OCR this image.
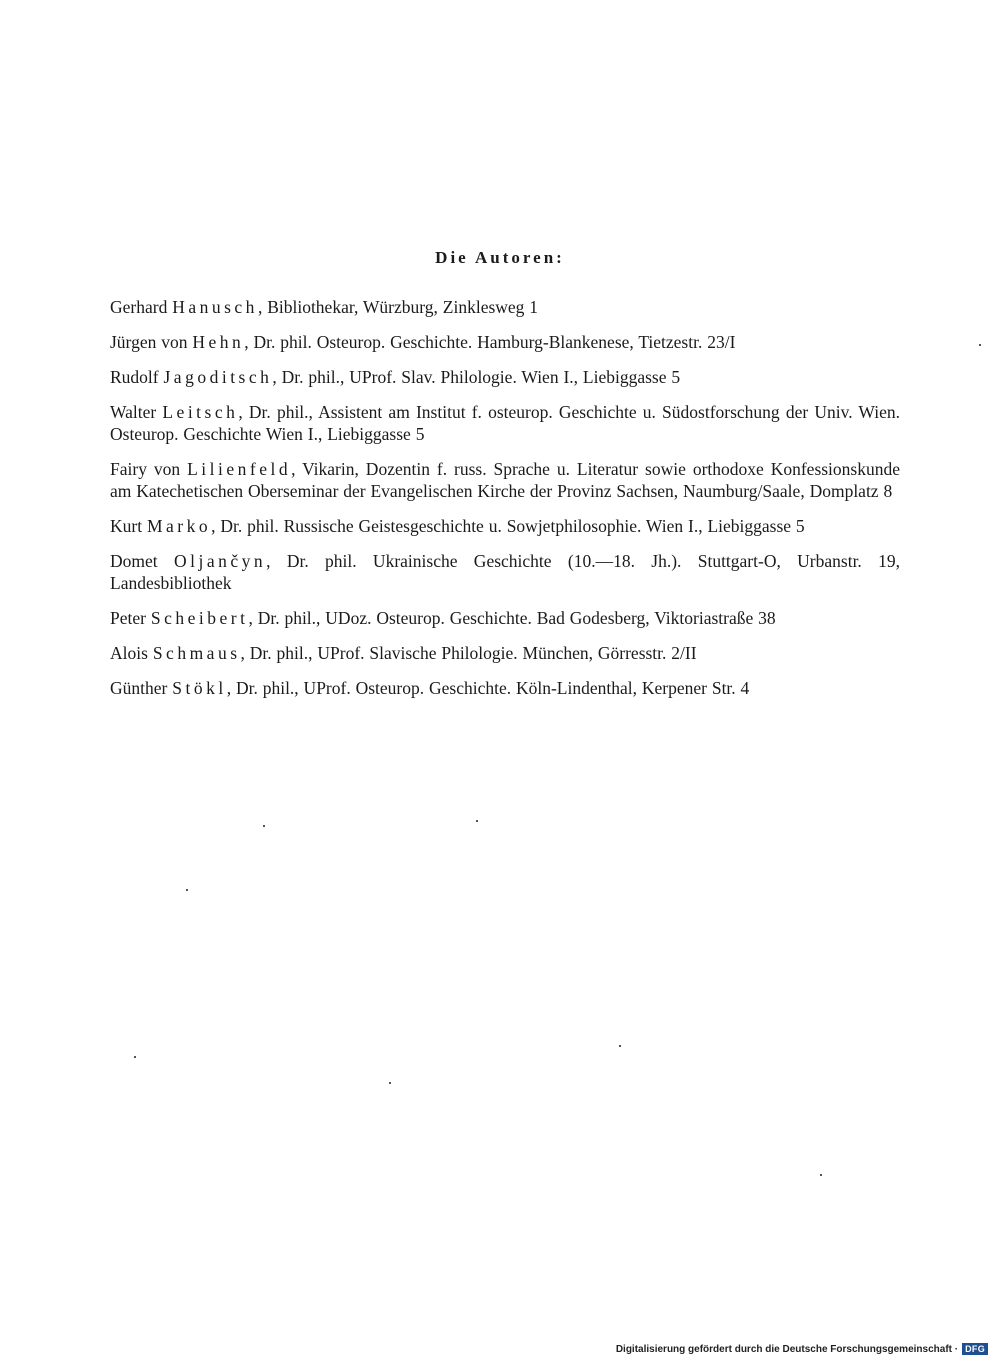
Die Autoren:

Gerhard Hanusch, Bibliothekar, Würzburg, Zinklesweg 1

Jürgen von Hehn, Dr. phil. Osteurop. Geschichte. Hamburg-Blankenese, Tietzestr. 23/I

Rudolf Jagoditsch, Dr. phil., UProf. Slav. Philologie. Wien I., Liebiggasse 5

Walter Leitsch, Dr. phil., Assistent am Institut f. osteurop. Geschichte u. Südostforschung der Univ. Wien. Osteurop. Geschichte Wien I., Liebiggasse 5

Fairy von Lilienfeld, Vikarin, Dozentin f. russ. Sprache u. Literatur sowie orthodoxe Konfessionskunde am Katechetischen Oberseminar der Evangelischen Kirche der Provinz Sachsen, Naumburg/Saale, Domplatz 8

Kurt Marko, Dr. phil. Russische Geistesgeschichte u. Sowjetphilosophie. Wien I., Liebiggasse 5

Domet Oljančyn, Dr. phil. Ukrainische Geschichte (10.—18. Jh.). Stuttgart-O, Urbanstr. 19, Landesbibliothek

Peter Scheibert, Dr. phil., UDoz. Osteurop. Geschichte. Bad Godesberg, Viktoriastraße 38

Alois Schmaus, Dr. phil., UProf. Slavische Philologie. München, Görresstr. 2/II

Günther Stökl, Dr. phil., UProf. Osteurop. Geschichte. Köln-Lindenthal, Kerpener Str. 4

Digitalisierung gefördert durch die Deutsche Forschungsgemeinschaft · DFG
